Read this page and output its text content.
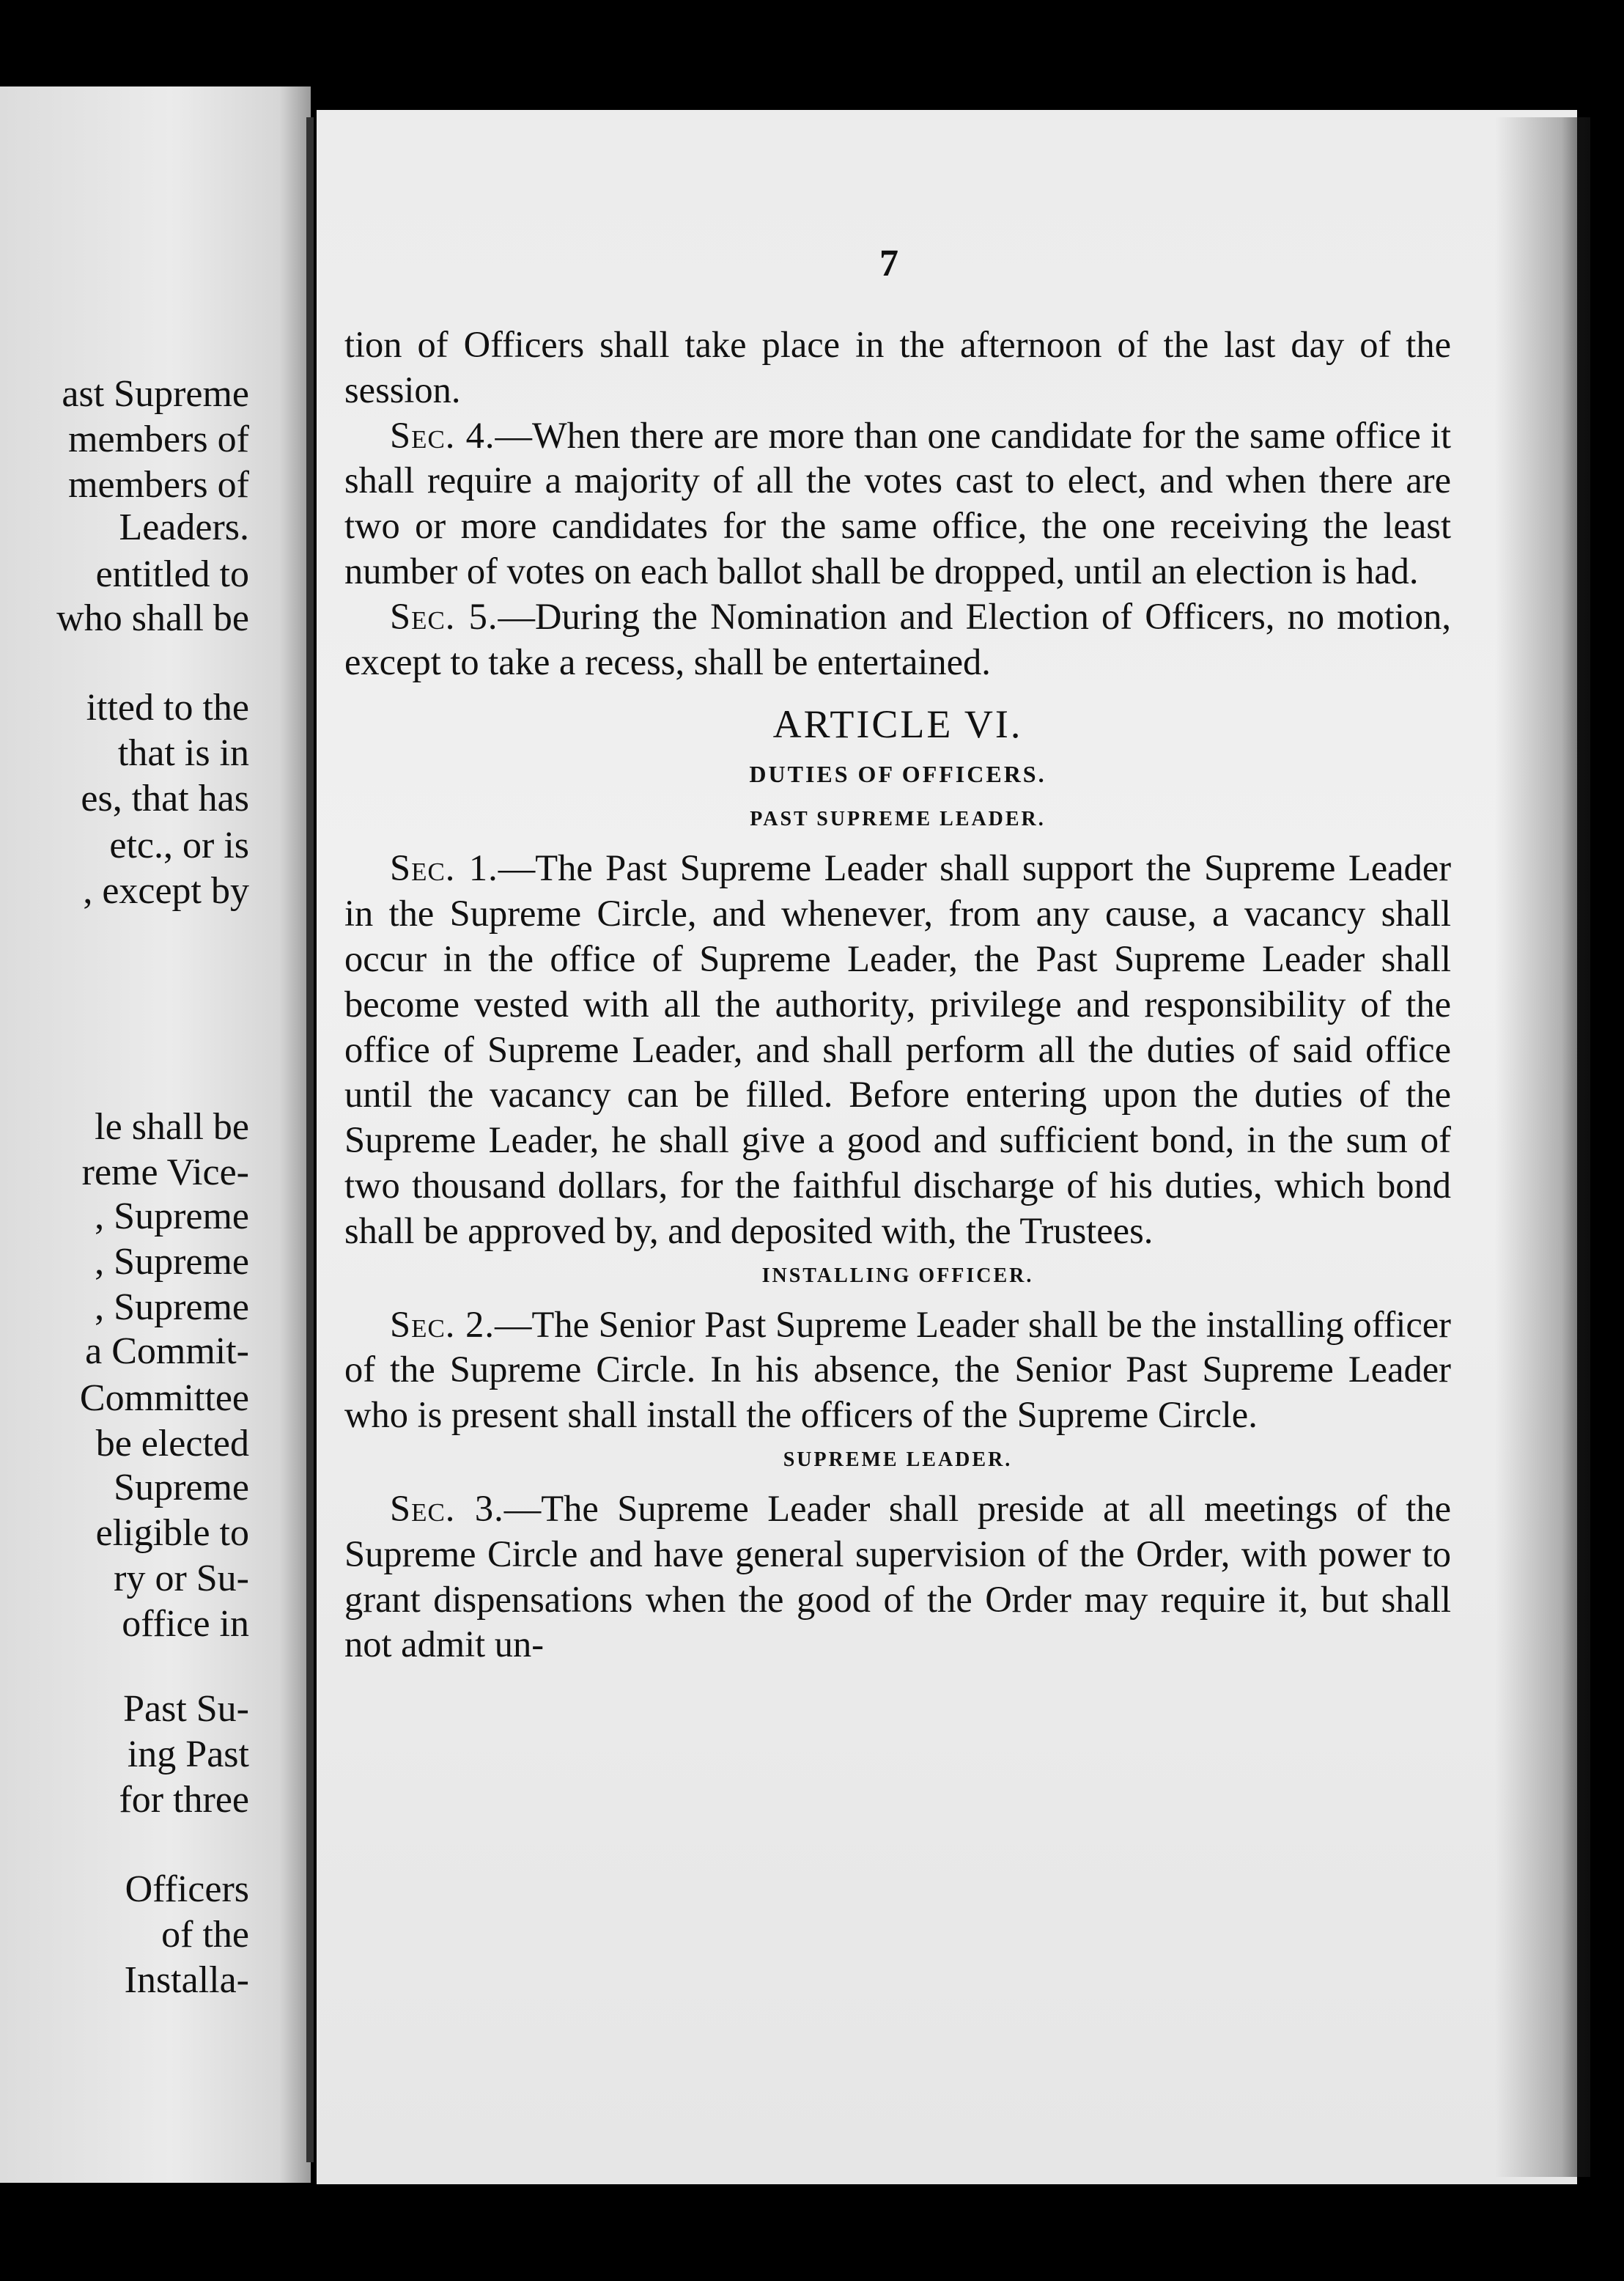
ast Supreme
members of
members of
Leaders.
entitled to
who shall be
itted to the
that is in
es, that has
etc., or is
, except by
le shall be
reme Vice-
, Supreme
, Supreme
, Supreme
a Commit-
Committee
be elected
Supreme
eligible to
ry or Su-
office in
Past Su-
ing Past
for three
Officers
of the
Installa-
7

tion of Officers shall take place in the afternoon of the last day of the session.

Sec. 4.—When there are more than one candidate for the same office it shall require a majority of all the votes cast to elect, and when there are two or more candidates for the same office, the one receiving the least number of votes on each ballot shall be dropped, until an election is had.

Sec. 5.—During the Nomination and Election of Officers, no motion, except to take a recess, shall be entertained.

ARTICLE VI.
DUTIES OF OFFICERS.
PAST SUPREME LEADER.

Sec. 1.—The Past Supreme Leader shall support the Supreme Leader in the Supreme Circle, and whenever, from any cause, a vacancy shall occur in the office of Supreme Leader, the Past Supreme Leader shall become vested with all the authority, privilege and responsibility of the office of Supreme Leader, and shall perform all the duties of said office until the vacancy can be filled. Before entering upon the duties of the Supreme Leader, he shall give a good and sufficient bond, in the sum of two thousand dollars, for the faithful discharge of his duties, which bond shall be approved by, and deposited with, the Trustees.

INSTALLING OFFICER.

Sec. 2.—The Senior Past Supreme Leader shall be the installing officer of the Supreme Circle. In his absence, the Senior Past Supreme Leader who is present shall install the officers of the Supreme Circle.

SUPREME LEADER.

Sec. 3.—The Supreme Leader shall preside at all meetings of the Supreme Circle and have general supervision of the Order, with power to grant dispensations when the good of the Order may require it, but shall not admit un-
